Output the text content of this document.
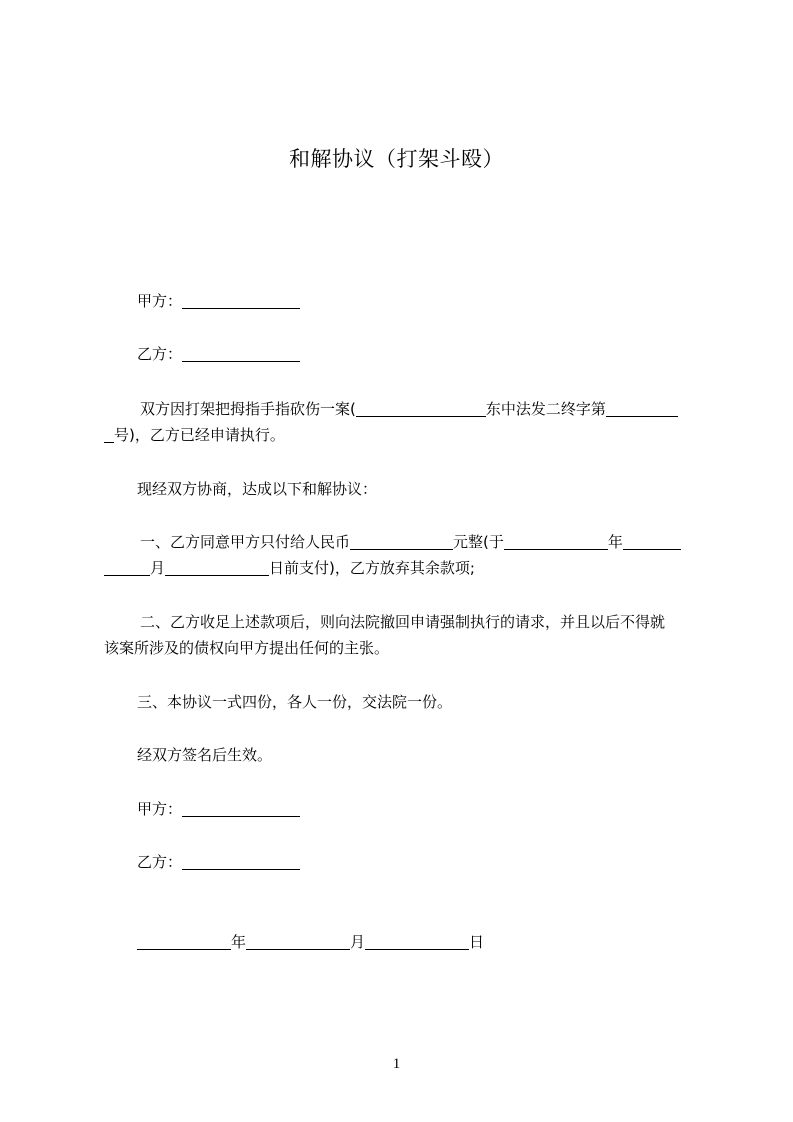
和解协议（打架斗殴）
甲方：
乙方：
双方因打架把拇指手指砍伤一案(	东中法发二终字第
号)，乙方已经申请执行。
现经双方协商，达成以下和解协议：
一、乙方同意甲方只付给人民币	元整(于	年
月	日前支付)，乙方放弃其余款项;
二、乙方收足上述款项后，则向法院撤回申请强制执行的请求，并且以后不得就
该案所涉及的债权向甲方提出任何的主张。
三、本协议一式四份，各人一份，交法院一份。
经双方签名后生效。
甲方：
乙方：
年	月	日
1
